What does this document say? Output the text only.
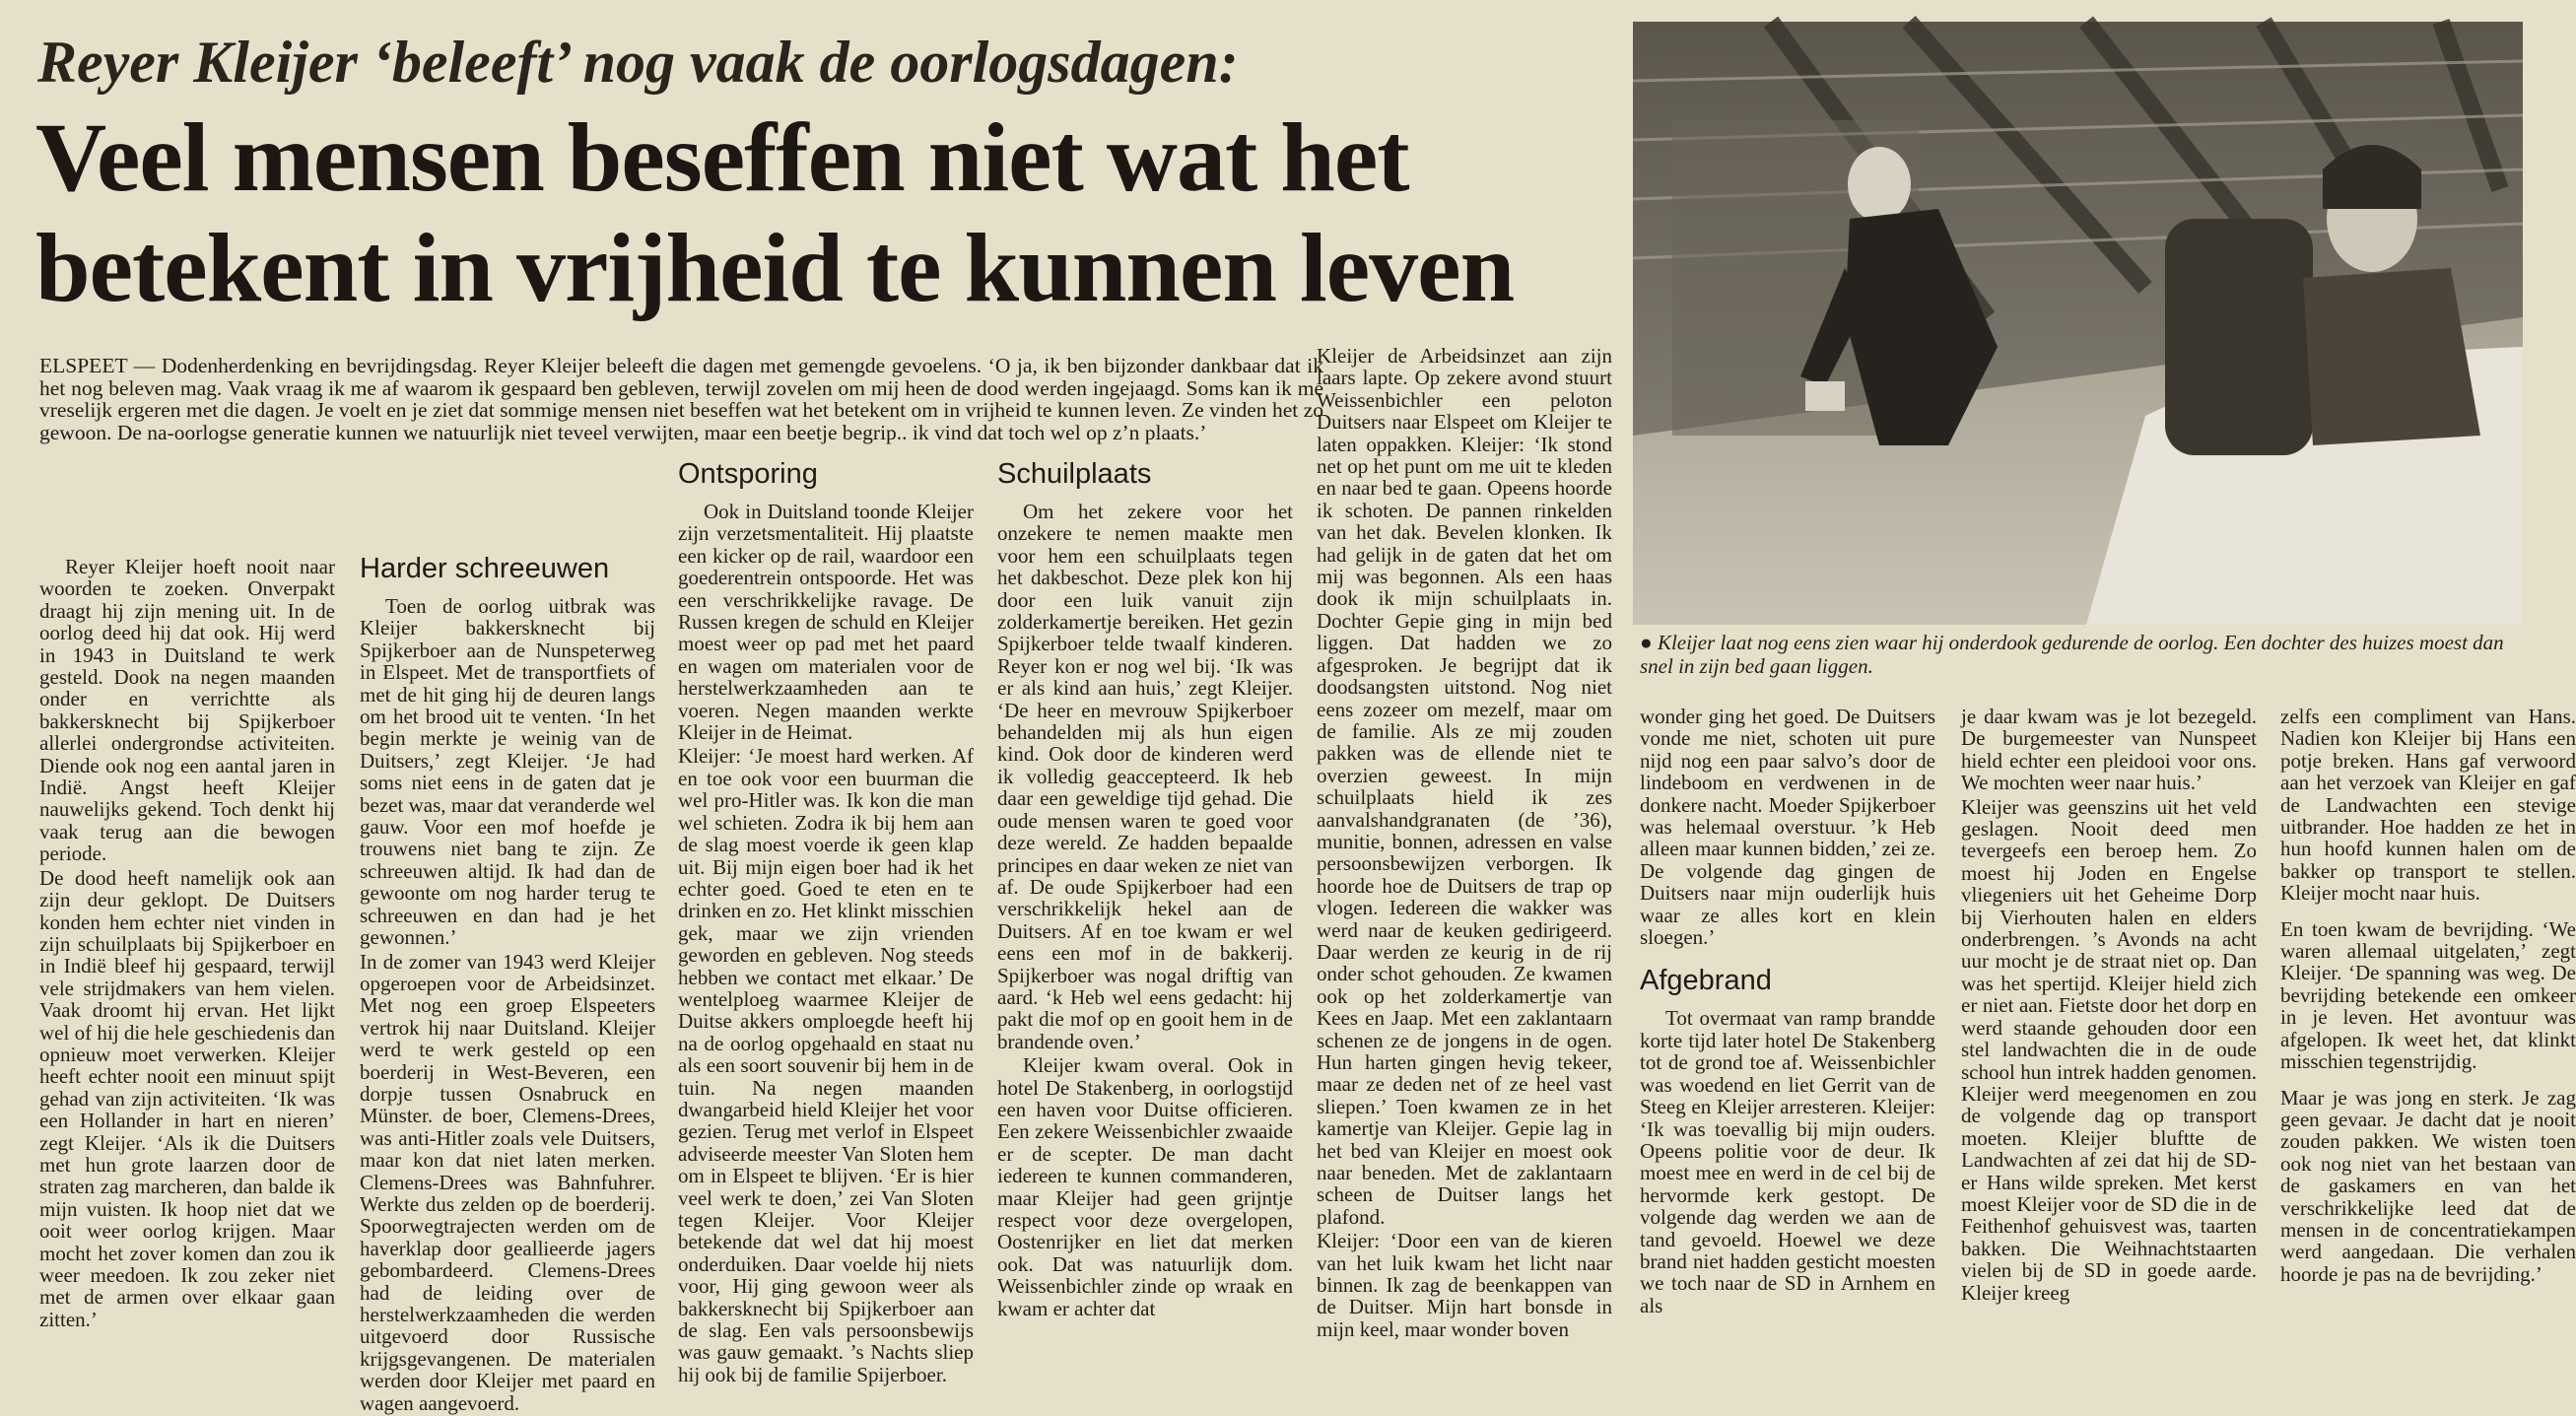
Reyer Kleijer ‘beleeft’ nog vaak de oorlogsdagen:
Veel mensen beseffen niet wat het
betekent in vrijheid te kunnen leven
● Kleijer laat nog eens zien waar hij onderdook gedurende de oorlog. Een dochter des huizes moest dan snel in zijn bed gaan liggen.

ELSPEET — Dodenherdenking en bevrijdingsdag. Reyer Kleijer beleeft die dagen met gemengde gevoelens. ‘O ja, ik ben bijzonder dankbaar dat ik het nog beleven mag. Vaak vraag ik me af waarom ik gespaard ben gebleven, terwijl zovelen om mij heen de dood werden ingejaagd. Soms kan ik me vreselijk ergeren met die dagen. Je voelt en je ziet dat sommige mensen niet beseffen wat het betekent om in vrijheid te kunnen leven. Ze vinden het zo gewoon. De na-oorlogse generatie kunnen we natuurlijk niet teveel verwijten, maar een beetje begrip.. ik vind dat toch wel op z’n plaats.’

Reyer Kleijer hoeft nooit naar woorden te zoeken. Onverpakt draagt hij zijn mening uit. In de oorlog deed hij dat ook. Hij werd in 1943 in Duitsland te werk gesteld. Dook na negen maanden onder en verrichtte als bakkersknecht bij Spijkerboer allerlei ondergrondse activiteiten. Diende ook nog een aantal jaren in Indië. Angst heeft Kleijer nauwelijks gekend. Toch denkt hij vaak terug aan die bewogen periode.

De dood heeft namelijk ook aan zijn deur geklopt. De Duitsers konden hem echter niet vinden in zijn schuilplaats bij Spijkerboer en in Indië bleef hij gespaard, terwijl vele strijdmakers van hem vielen. Vaak droomt hij ervan. Het lijkt wel of hij die hele geschiedenis dan opnieuw moet verwerken. Kleijer heeft echter nooit een minuut spijt gehad van zijn activiteiten. ‘Ik was een Hollander in hart en nieren’ zegt Kleijer. ‘Als ik die Duitsers met hun grote laarzen door de straten zag marcheren, dan balde ik mijn vuisten. Ik hoop niet dat we ooit weer oorlog krijgen. Maar mocht het zover komen dan zou ik weer meedoen. Ik zou zeker niet met de armen over elkaar gaan zitten.’

Harder schreeuwen

Toen de oorlog uitbrak was Kleijer bakkersknecht bij Spijkerboer aan de Nunspeterweg in Elspeet. Met de transportfiets of met de hit ging hij de deuren langs om het brood uit te venten. ‘In het begin merkte je weinig van de Duitsers,’ zegt Kleijer. ‘Je had soms niet eens in de gaten dat je bezet was, maar dat veranderde wel gauw. Voor een mof hoefde je trouwens niet bang te zijn. Ze schreeuwen altijd. Ik had dan de gewoonte om nog harder terug te schreeuwen en dan had je het gewonnen.’

In de zomer van 1943 werd Kleijer opgeroepen voor de Arbeidsinzet. Met nog een groep Elspeeters vertrok hij naar Duitsland. Kleijer werd te werk gesteld op een boerderij in West-Beveren, een dorpje tussen Osnabruck en Münster. de boer, Clemens-Drees, was anti-Hitler zoals vele Duitsers, maar kon dat niet laten merken. Clemens-Drees was Bahnfuhrer. Werkte dus zelden op de boerderij. Spoorwegtrajecten werden om de haverklap door geallieerde jagers gebombardeerd. Clemens-Drees had de leiding over de herstelwerkzaamheden die werden uitgevoerd door Russische krijgsgevangenen. De materialen werden door Kleijer met paard en wagen aangevoerd.

Ontsporing

Ook in Duitsland toonde Kleijer zijn verzetsmentaliteit. Hij plaatste een kicker op de rail, waardoor een goederentrein ontspoorde. Het was een verschrikkelijke ravage. De Russen kregen de schuld en Kleijer moest weer op pad met het paard en wagen om materialen voor de herstelwerkzaamheden aan te voeren. Negen maanden werkte Kleijer in de Heimat.

Kleijer: ‘Je moest hard werken. Af en toe ook voor een buurman die wel pro-Hitler was. Ik kon die man wel schieten. Zodra ik bij hem aan de slag moest voerde ik geen klap uit. Bij mijn eigen boer had ik het echter goed. Goed te eten en te drinken en zo. Het klinkt misschien gek, maar we zijn vrienden geworden en gebleven. Nog steeds hebben we contact met elkaar.’ De wentelploeg waarmee Kleijer de Duitse akkers omploegde heeft hij na de oorlog opgehaald en staat nu als een soort souvenir bij hem in de tuin. Na negen maanden dwangarbeid hield Kleijer het voor gezien. Terug met verlof in Elspeet adviseerde meester Van Sloten hem om in Elspeet te blijven. ‘Er is hier veel werk te doen,’ zei Van Sloten tegen Kleijer. Voor Kleijer betekende dat wel dat hij moest onderduiken. Daar voelde hij niets voor, Hij ging gewoon weer als bakkersknecht bij Spijkerboer aan de slag. Een vals persoonsbewijs was gauw gemaakt. ’s Nachts sliep hij ook bij de familie Spijerboer.

Schuilplaats

Om het zekere voor het onzekere te nemen maakte men voor hem een schuilplaats tegen het dakbeschot. Deze plek kon hij door een luik vanuit zijn zolderkamertje bereiken. Het gezin Spijkerboer telde twaalf kinderen. Reyer kon er nog wel bij. ‘Ik was er als kind aan huis,’ zegt Kleijer. ‘De heer en mevrouw Spijkerboer behandelden mij als hun eigen kind. Ook door de kinderen werd ik volledig geaccepteerd. Ik heb daar een geweldige tijd gehad. Die oude mensen waren te goed voor deze wereld. Ze hadden bepaalde principes en daar weken ze niet van af. De oude Spijkerboer had een verschrikkelijk hekel aan de Duitsers. Af en toe kwam er wel eens een mof in de bakkerij. Spijkerboer was nogal driftig van aard. ‘k Heb wel eens gedacht: hij pakt die mof op en gooit hem in de brandende oven.’

Kleijer kwam overal. Ook in hotel De Stakenberg, in oorlogstijd een haven voor Duitse officieren. Een zekere Weissenbichler zwaaide er de scepter. De man dacht iedereen te kunnen commanderen, maar Kleijer had geen grijntje respect voor deze overgelopen, Oostenrijker en liet dat merken ook. Dat was natuurlijk dom. Weissenbichler zinde op wraak en kwam er achter dat

Kleijer de Arbeidsinzet aan zijn laars lapte. Op zekere avond stuurt Weissenbichler een peloton Duitsers naar Elspeet om Kleijer te laten oppakken. Kleijer: ‘Ik stond net op het punt om me uit te kleden en naar bed te gaan. Opeens hoorde ik schoten. De pannen rinkelden van het dak. Bevelen klonken. Ik had gelijk in de gaten dat het om mij was begonnen. Als een haas dook ik mijn schuilplaats in. Dochter Gepie ging in mijn bed liggen. Dat hadden we zo afgesproken. Je begrijpt dat ik doodsangsten uitstond. Nog niet eens zozeer om mezelf, maar om de familie. Als ze mij zouden pakken was de ellende niet te overzien geweest. In mijn schuilplaats hield ik zes aanvalshandgranaten (de ’36), munitie, bonnen, adressen en valse persoonsbewijzen verborgen. Ik hoorde hoe de Duitsers de trap op vlogen. Iedereen die wakker was werd naar de keuken gedirigeerd. Daar werden ze keurig in de rij onder schot gehouden. Ze kwamen ook op het zolderkamertje van Kees en Jaap. Met een zaklantaarn schenen ze de jongens in de ogen. Hun harten gingen hevig tekeer, maar ze deden net of ze heel vast sliepen.’ Toen kwamen ze in het kamertje van Kleijer. Gepie lag in het bed van Kleijer en moest ook naar beneden. Met de zaklantaarn scheen de Duitser langs het plafond.

Kleijer: ‘Door een van de kieren van het luik kwam het licht naar binnen. Ik zag de beenkappen van de Duitser. Mijn hart bonsde in mijn keel, maar wonder boven

wonder ging het goed. De Duitsers vonde me niet, schoten uit pure nijd nog een paar salvo’s door de lindeboom en verdwenen in de donkere nacht. Moeder Spijkerboer was helemaal overstuur. ’k Heb alleen maar kunnen bidden,’ zei ze. De volgende dag gingen de Duitsers naar mijn ouderlijk huis waar ze alles kort en klein sloegen.’

Afgebrand

Tot overmaat van ramp brandde korte tijd later hotel De Stakenberg tot de grond toe af. Weissenbichler was woedend en liet Gerrit van de Steeg en Kleijer arresteren. Kleijer: ‘Ik was toevallig bij mijn ouders. Opeens politie voor de deur. Ik moest mee en werd in de cel bij de hervormde kerk gestopt. De volgende dag werden we aan de tand gevoeld. Hoewel we deze brand niet hadden gesticht moesten we toch naar de SD in Arnhem en als

je daar kwam was je lot bezegeld. De burgemeester van Nunspeet hield echter een pleidooi voor ons. We mochten weer naar huis.’

Kleijer was geenszins uit het veld geslagen. Nooit deed men tevergeefs een beroep hem. Zo moest hij Joden en Engelse vliegeniers uit het Geheime Dorp bij Vierhouten halen en elders onderbrengen. ’s Avonds na acht uur mocht je de straat niet op. Dan was het spertijd. Kleijer hield zich er niet aan. Fietste door het dorp en werd staande gehouden door een stel landwachten die in de oude school hun intrek hadden genomen. Kleijer werd meegenomen en zou de volgende dag op transport moeten. Kleijer bluftte de Landwachten af zei dat hij de SD-er Hans wilde spreken. Met kerst moest Kleijer voor de SD die in de Feithenhof gehuisvest was, taarten bakken. Die Weihnachtstaarten vielen bij de SD in goede aarde. Kleijer kreeg

zelfs een compliment van Hans. Nadien kon Kleijer bij Hans een potje breken. Hans gaf verwoord aan het verzoek van Kleijer en gaf de Landwachten een stevige uitbrander. Hoe hadden ze het in hun hoofd kunnen halen om de bakker op transport te stellen. Kleijer mocht naar huis.

En toen kwam de bevrijding. ‘We waren allemaal uitgelaten,’ zegt Kleijer. ‘De spanning was weg. De bevrijding betekende een omkeer in je leven. Het avontuur was afgelopen. Ik weet het, dat klinkt misschien tegenstrijdig.

Maar je was jong en sterk. Je zag geen gevaar. Je dacht dat je nooit zouden pakken. We wisten toen ook nog niet van het bestaan van de gaskamers en van het verschrikkelijke leed dat de mensen in de concentratiekampen werd aangedaan. Die verhalen hoorde je pas na de bevrijding.’
